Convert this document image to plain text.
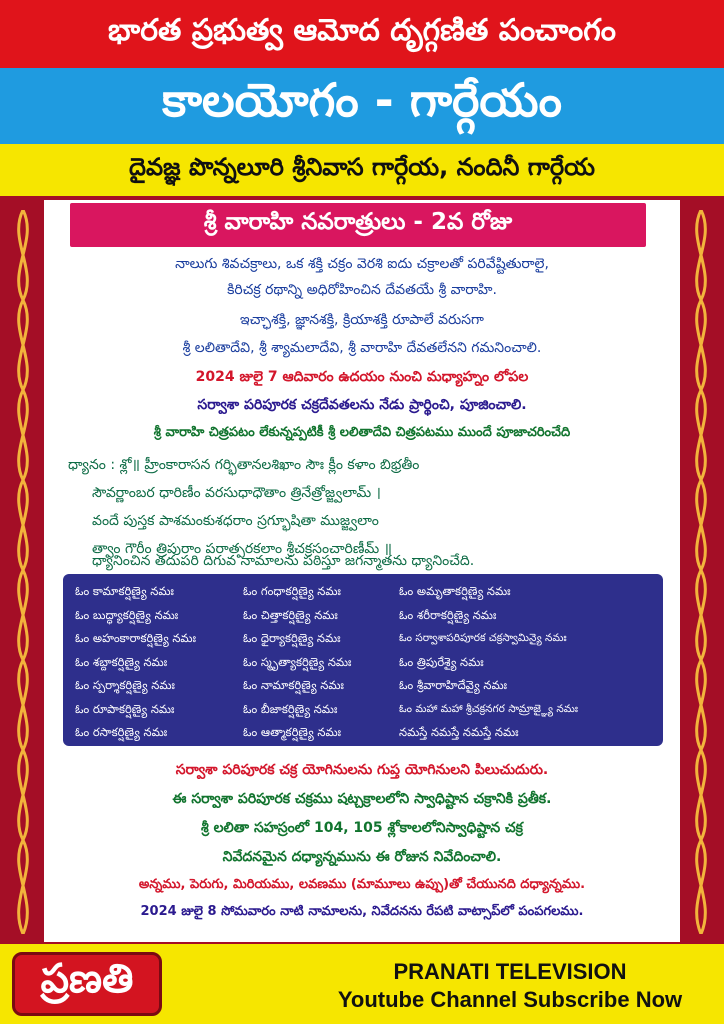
భారత ప్రభుత్వ ఆమోద దృగ్గణిత పంచాంగం
కాలయోగం - గార్గేయం
దైవజ్ఞ పొన్నలూరి శ్రీనివాస గార్గేయ, నందినీ గార్గేయ
శ్రీ వారాహి నవరాత్రులు - 2వ రోజు
నాలుగు శివచక్రాలు, ఒక శక్తి చక్రం వెరశి ఐదు చక్రాలతో పరివేష్టితురాలై,
కిరిచక్ర రథాన్ని అధిరోహించిన దేవతయే శ్రీ వారాహి.
ఇచ్ఛాశక్తి, జ్ఞానశక్తి, క్రియాశక్తి రూపాలే వరుసగా
శ్రీ లలితాదేవి, శ్రీ శ్యామలాదేవి, శ్రీ వారాహి దేవతలేనని గమనించాలి.
2024 జులై 7 ఆదివారం ఉదయం నుంచి మధ్యాహ్నం లోపల
సర్వాశా పరిపూరక చక్రదేవతలను నేడు ప్రార్థించి, పూజించాలి.
శ్రీ వారాహి చిత్రపటం లేకున్నప్పటికీ శ్రీ లలితాదేవి చిత్రపటము ముందే పూజాచరించేది
ధ్యానం : శ్లో॥ హ్రీంకారాసన గర్భితానలశిఖాం సౌః క్లీం కళాం బిభ్రతీం
సౌవర్ణాంబర ధారిణీం వరసుధాధౌతాం త్రినేత్రోజ్జ్వలామ్ ।
వందే పుస్తక పాశమంకుశధరాం స్రగ్భూషితా ముజ్జ్వలాం
త్వాం గౌరీం త్రిపురాం పరాత్పరకలాం శ్రీచక్రసంచారిణీమ్ ॥
ధ్యానించిన తదుపరి దిగువ నామాలను పఠిస్తూ జగన్మాతను ధ్యానించేది.
ఓం కామాకర్షిణ్యై నమః
ఓం బుద్ధ్యాకర్షిణ్యై నమః
ఓం అహంకారాకర్షిణ్యై నమః
ఓం శబ్దాకర్షిణ్యై నమః
ఓం స్పర్శాకర్షిణ్యై నమః
ఓం రూపాకర్షిణ్యై నమః
ఓం రసాకర్షిణ్యై నమః
ఓం గంధాకర్షిణ్యై నమః
ఓం చిత్తాకర్షిణ్యై నమః
ఓం ధైర్యాకర్షిణ్యై నమః
ఓం స్మృత్యాకర్షిణ్యై నమః
ఓం నామాకర్షిణ్యై నమః
ఓం బీజాకర్షిణ్యై నమః
ఓం ఆత్మాకర్షిణ్యై నమః
ఓం అమృతాకర్షిణ్యై నమః
ఓం శరీరాకర్షిణ్యై నమః
ఓం సర్వాశాపరిపూరక చక్రస్వామిన్యై నమః
ఓం త్రిపురేశ్యై నమః
ఓం శ్రీవారాహిదేవ్యై నమః
ఓం మహా మహా శ్రీచక్రనగర సామ్రాజ్ఞ్యై నమః
నమస్తే నమస్తే నమస్తే నమః
సర్వాశా పరిపూరక చక్ర యోగినులను గుప్త యోగినులని పిలుచుదురు.
ఈ సర్వాశా పరిపూరక చక్రము షట్చక్రాలలోని స్వాధిష్టాన చక్రానికి ప్రతీక.
శ్రీ లలితా సహస్రంలో 104, 105 శ్లోకాలలోనిస్వాధిష్టాన చక్ర
నివేదనమైన దధ్యాన్నమును ఈ రోజున నివేదించాలి.
అన్నము, పెరుగు, మిరియము, లవణము (మామూలు ఉప్పు)తో చేయునది దధ్యాన్నము.
2024 జులై 8 సోమవారం నాటి నామాలను, నివేదనను రేపటి వాట్సాప్‌లో పంపగలము.
ప్రణతి	PRANATI TELEVISION
Youtube Channel Subscribe Now
